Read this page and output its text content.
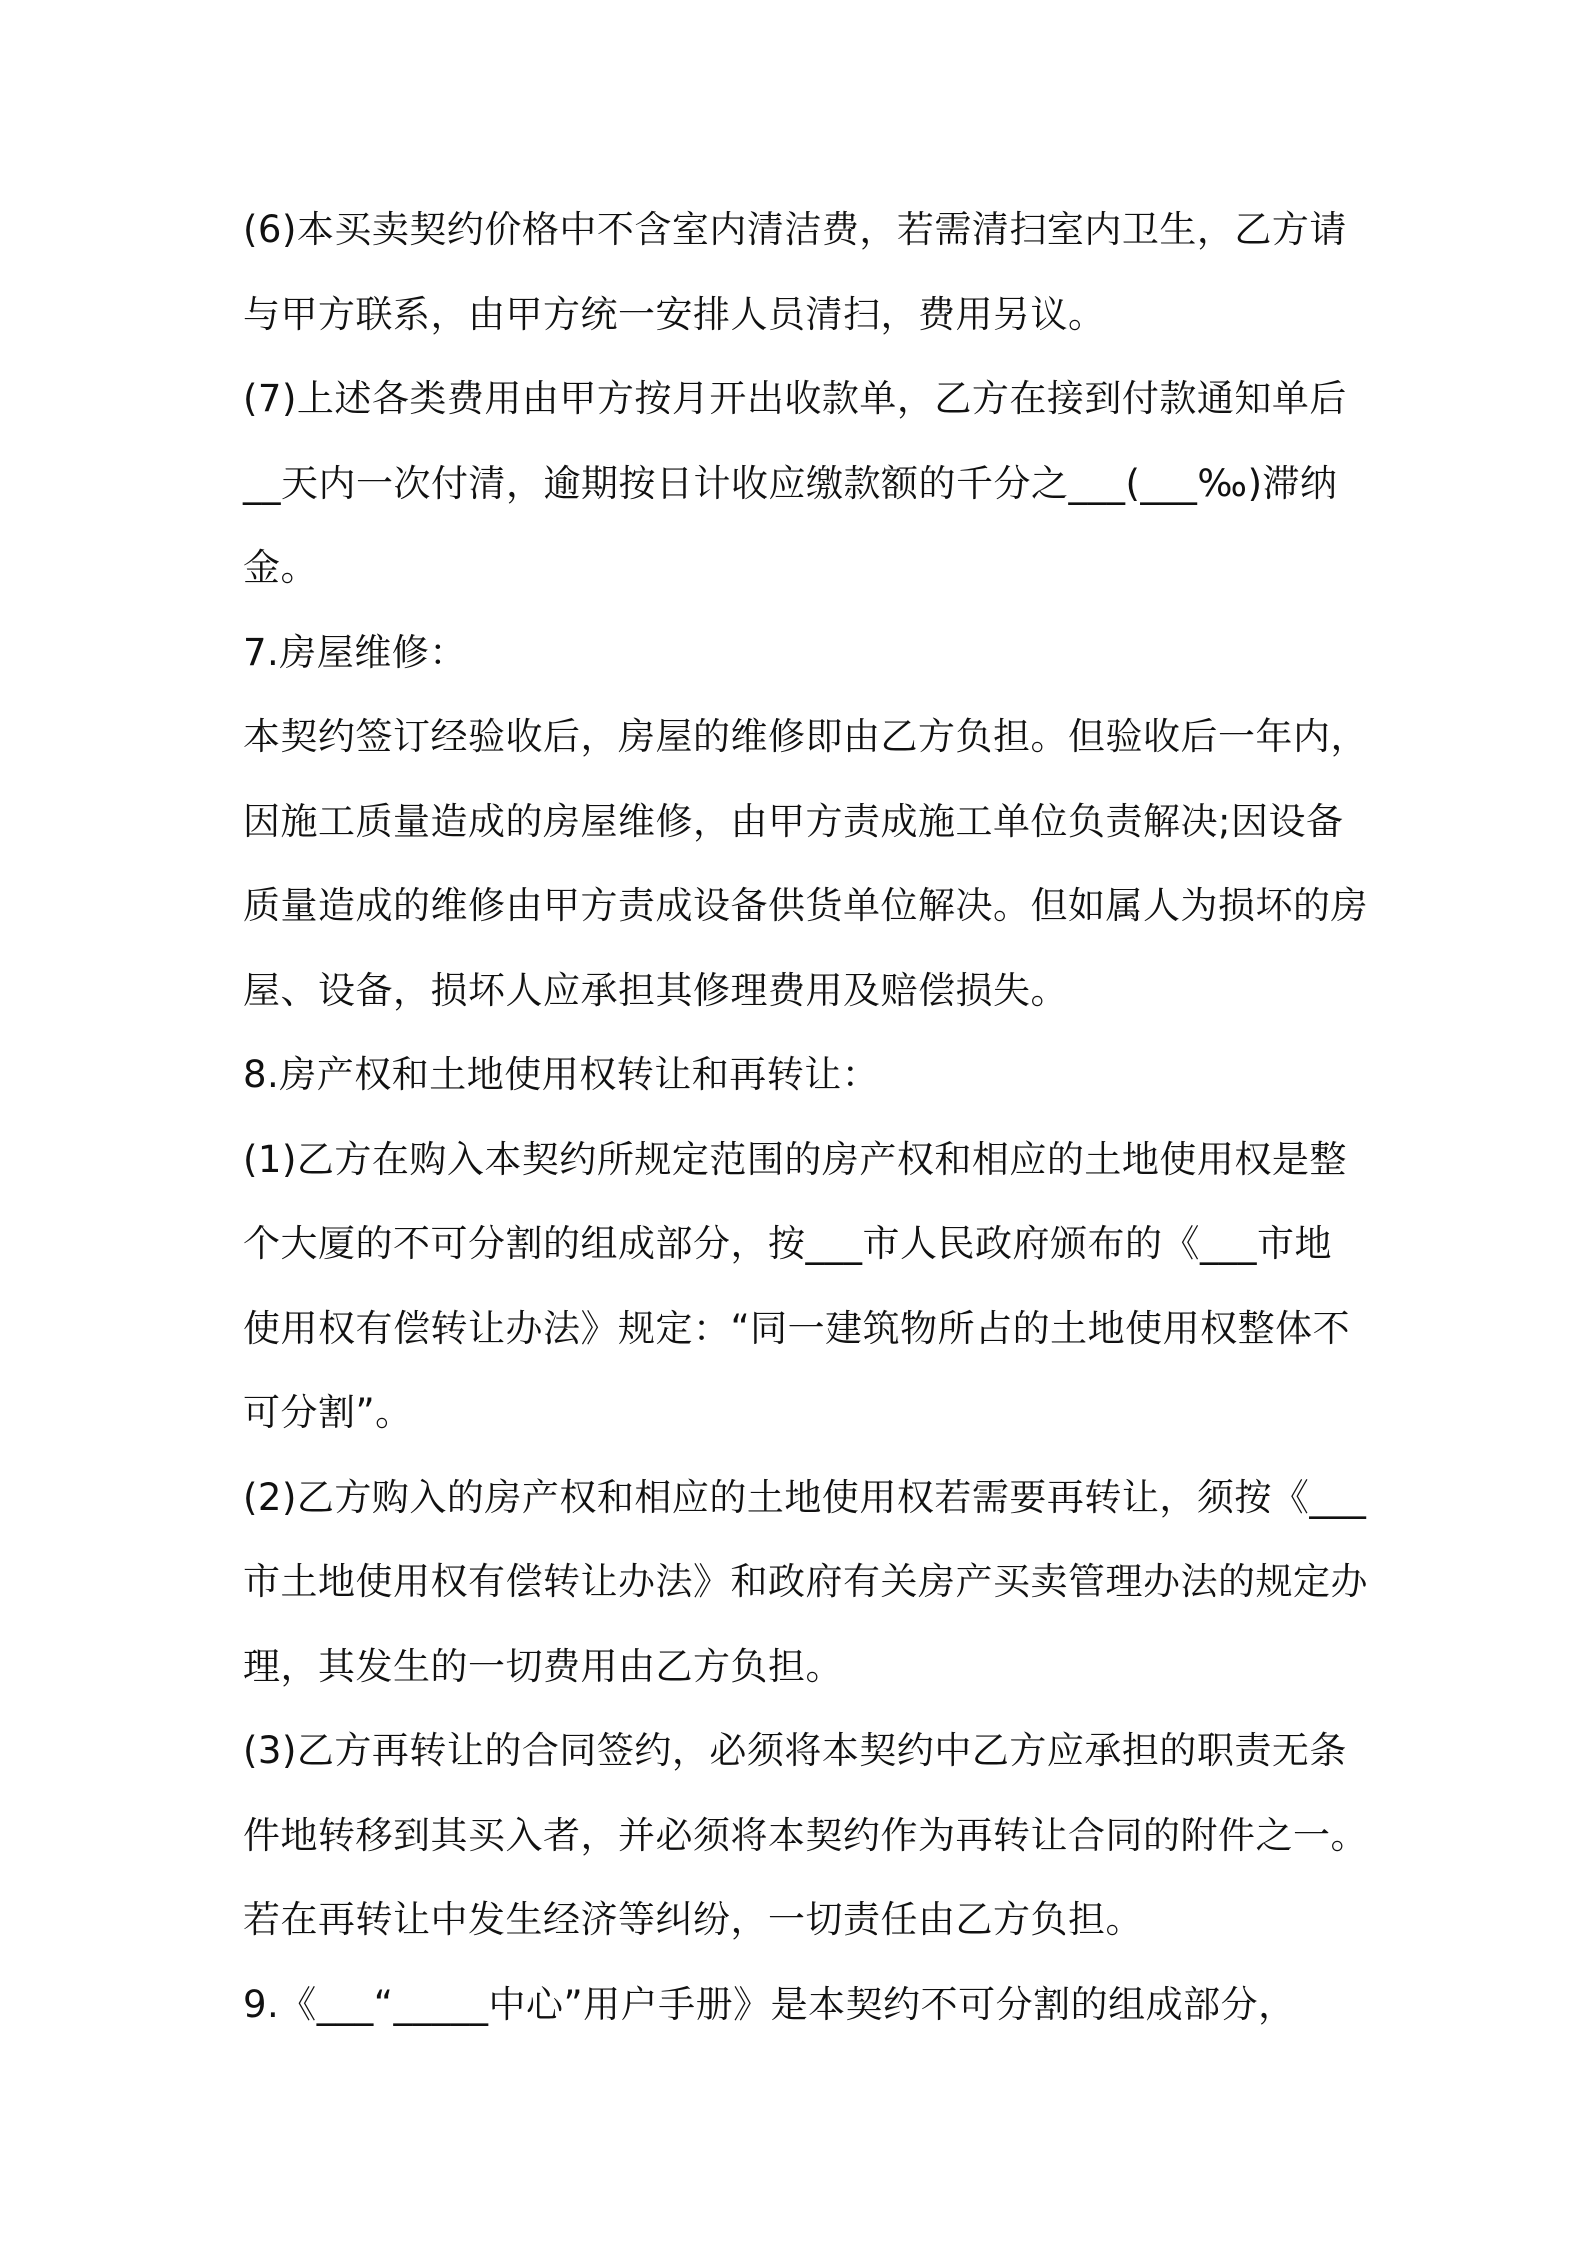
(6)本买卖契约价格中不含室内清洁费，若需清扫室内卫生，乙方请
与甲方联系，由甲方统一安排人员清扫，费用另议。
(7)上述各类费用由甲方按月开出收款单，乙方在接到付款通知单后
__天内一次付清，逾期按日计收应缴款额的千分之___(___‰)滞纳
金。
7.房屋维修：
本契约签订经验收后，房屋的维修即由乙方负担。但验收后一年内，
因施工质量造成的房屋维修，由甲方责成施工单位负责解决;因设备
质量造成的维修由甲方责成设备供货单位解决。但如属人为损坏的房
屋、设备，损坏人应承担其修理费用及赔偿损失。
8.房产权和土地使用权转让和再转让：
(1)乙方在购入本契约所规定范围的房产权和相应的土地使用权是整
个大厦的不可分割的组成部分，按___市人民政府颁布的《___市地
使用权有偿转让办法》规定：“同一建筑物所占的土地使用权整体不
可分割”。
(2)乙方购入的房产权和相应的土地使用权若需要再转让，须按《___
市土地使用权有偿转让办法》和政府有关房产买卖管理办法的规定办
理，其发生的一切费用由乙方负担。
(3)乙方再转让的合同签约，必须将本契约中乙方应承担的职责无条
件地转移到其买入者，并必须将本契约作为再转让合同的附件之一。
若在再转让中发生经济等纠纷，一切责任由乙方负担。
9.《___“_____中心”用户手册》是本契约不可分割的组成部分，
